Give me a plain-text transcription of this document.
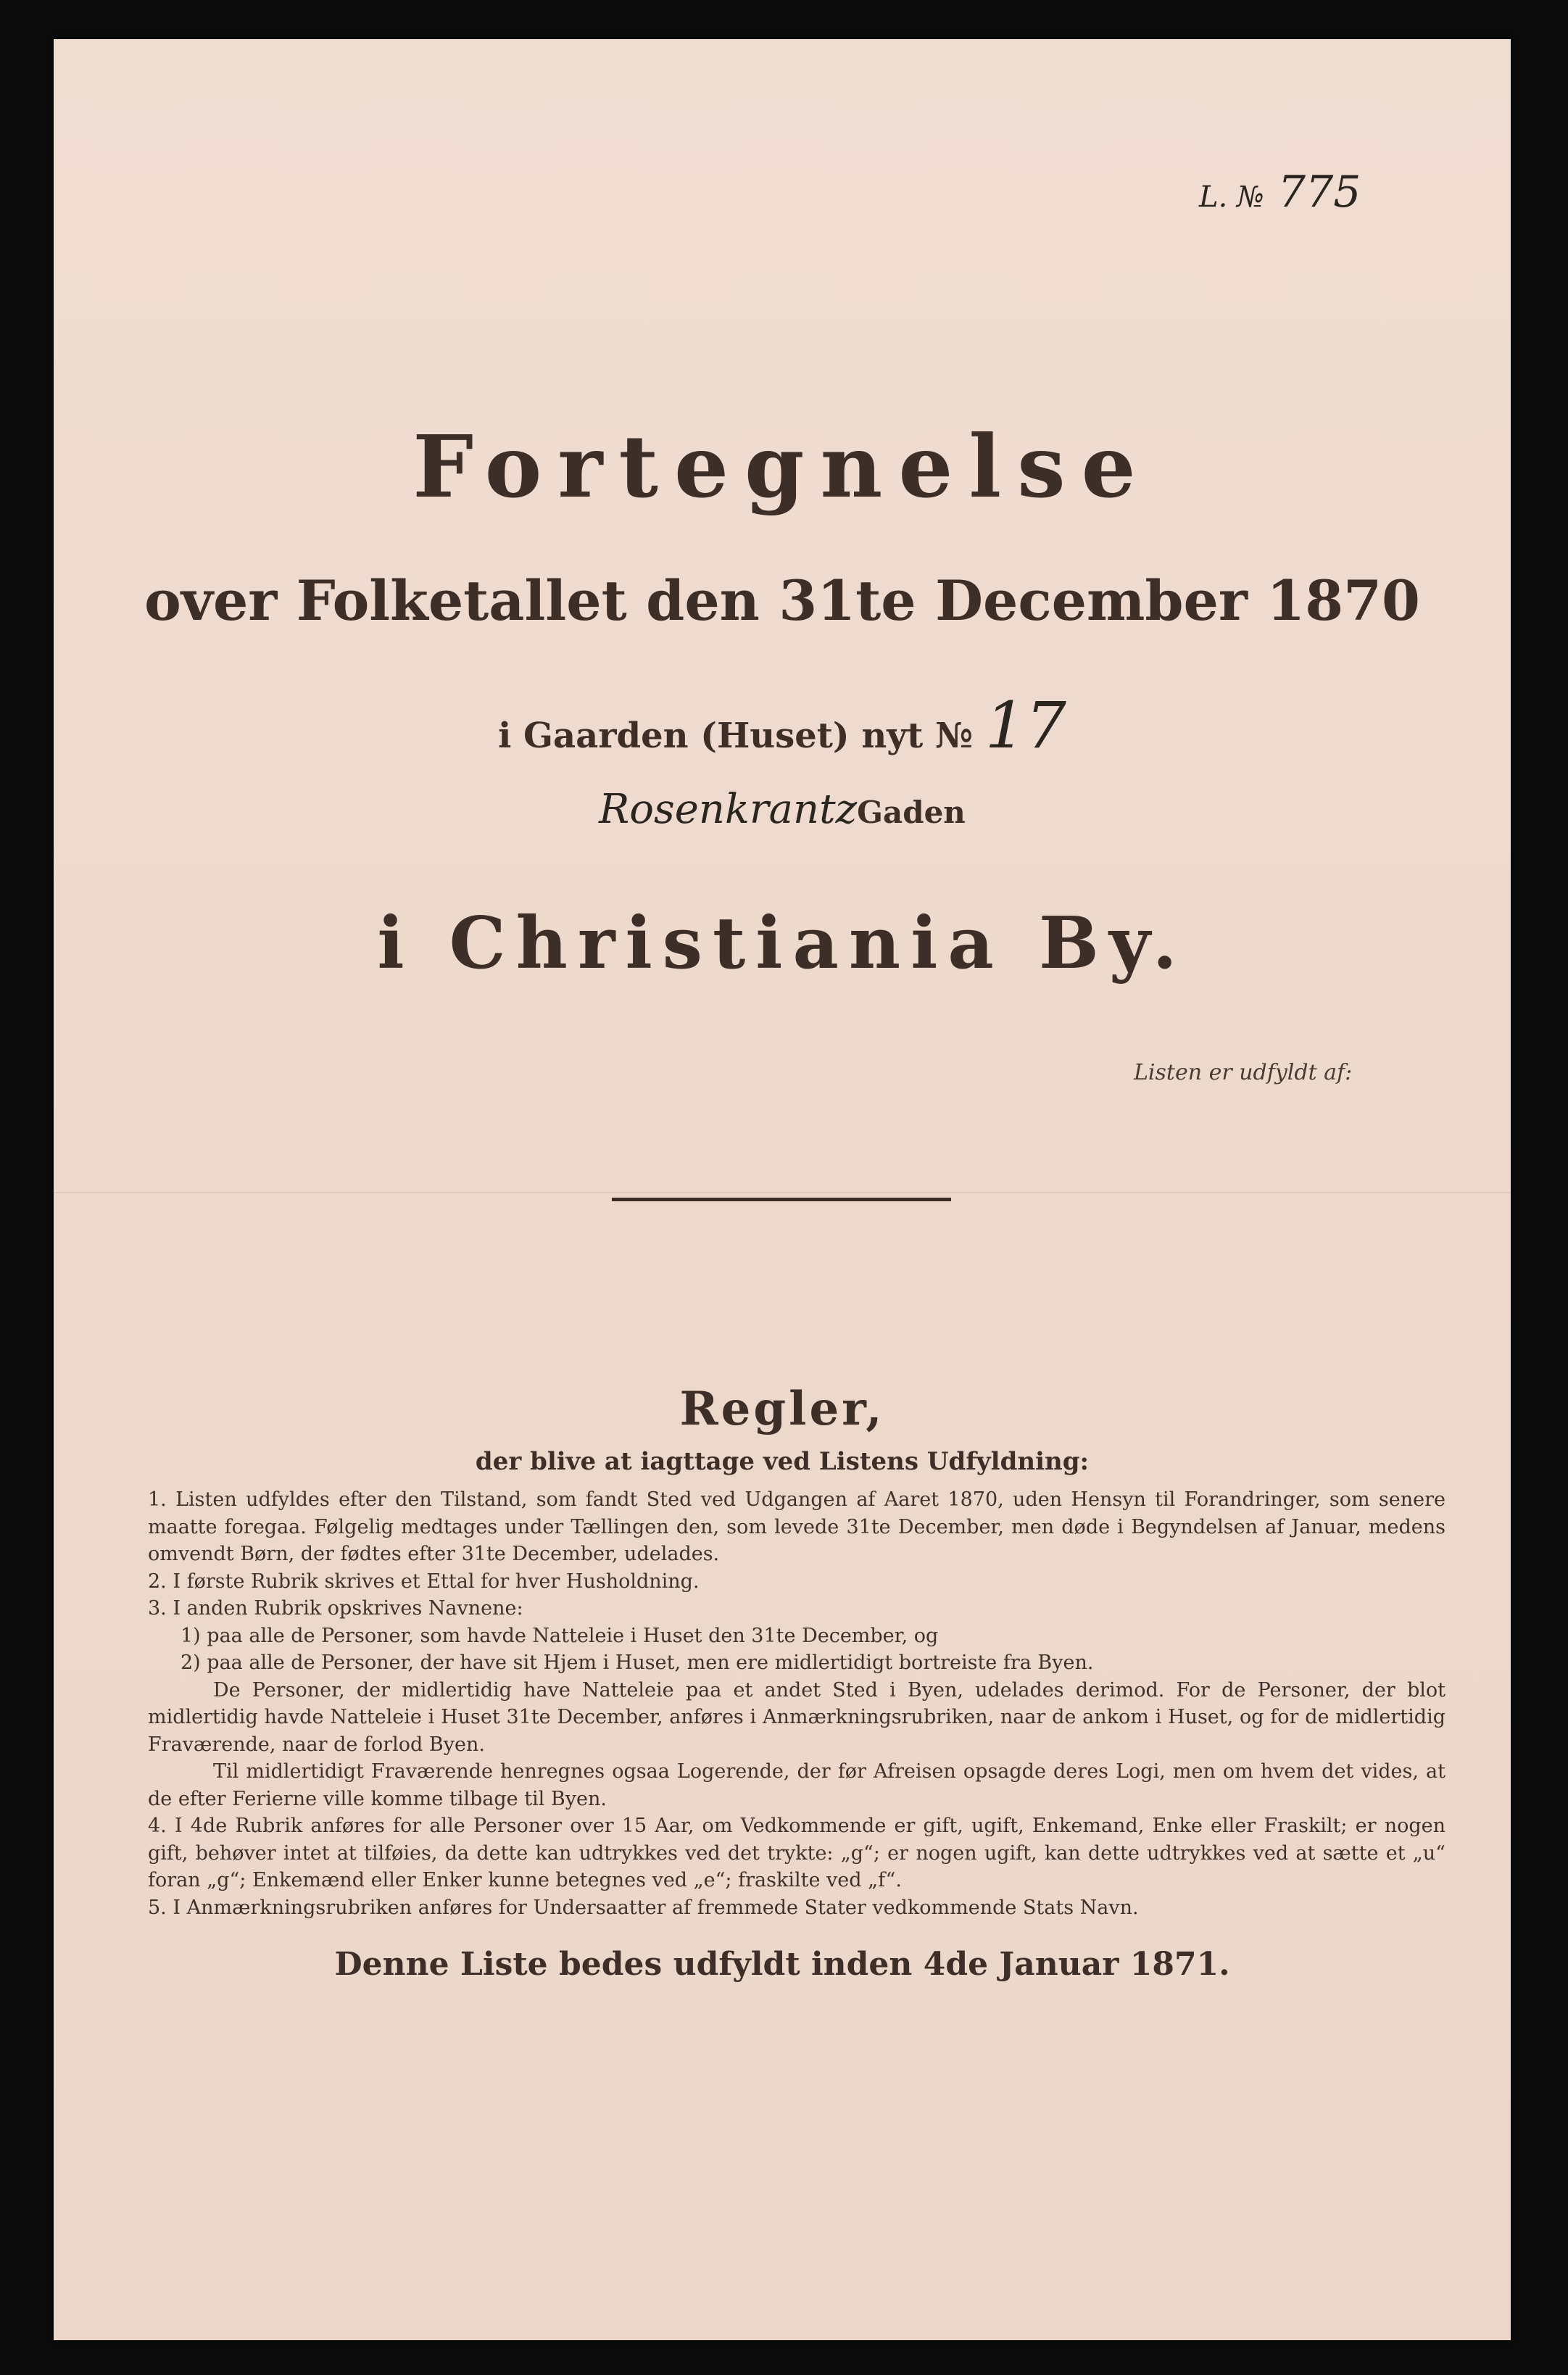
L. № 775
Fortegnelse
over Folketallet den 31te December 1870
i Gaarden (Huset) nyt № 17
RosenkrantzGaden
i Christiania By.
Listen er udfyldt af:
Regler,
der blive at iagttage ved Listens Udfyldning:

1. Listen udfyldes efter den Tilstand, som fandt Sted ved Udgangen af Aaret 1870, uden Hensyn til Forandringer, som senere maatte foregaa. Følgelig medtages under Tællingen den, som levede 31te December, men døde i Begyndelsen af Januar, medens omvendt Børn, der fødtes efter 31te December, udelades.

2. I første Rubrik skrives et Ettal for hver Husholdning.

3. I anden Rubrik opskrives Navnene:

1) paa alle de Personer, som havde Natteleie i Huset den 31te December, og

2) paa alle de Personer, der have sit Hjem i Huset, men ere midlertidigt bortreiste fra Byen.

De Personer, der midlertidig have Natteleie paa et andet Sted i Byen, udelades derimod. For de Personer, der blot midlertidig havde Natteleie i Huset 31te December, anføres i Anmærkningsrubriken, naar de ankom i Huset, og for de midlertidig Fraværende, naar de forlod Byen.

Til midlertidigt Fraværende henregnes ogsaa Logerende, der før Afreisen opsagde deres Logi, men om hvem det vides, at de efter Ferierne ville komme tilbage til Byen.

4. I 4de Rubrik anføres for alle Personer over 15 Aar, om Vedkommende er gift, ugift, Enkemand, Enke eller Fraskilt; er nogen gift, behøver intet at tilføies, da dette kan udtrykkes ved det trykte: „g“; er nogen ugift, kan dette udtrykkes ved at sætte et „u“ foran „g“; Enkemænd eller Enker kunne betegnes ved „e“; fraskilte ved „f“.

5. I Anmærkningsrubriken anføres for Undersaatter af fremmede Stater vedkommende Stats Navn.

Denne Liste bedes udfyldt inden 4de Januar 1871.
